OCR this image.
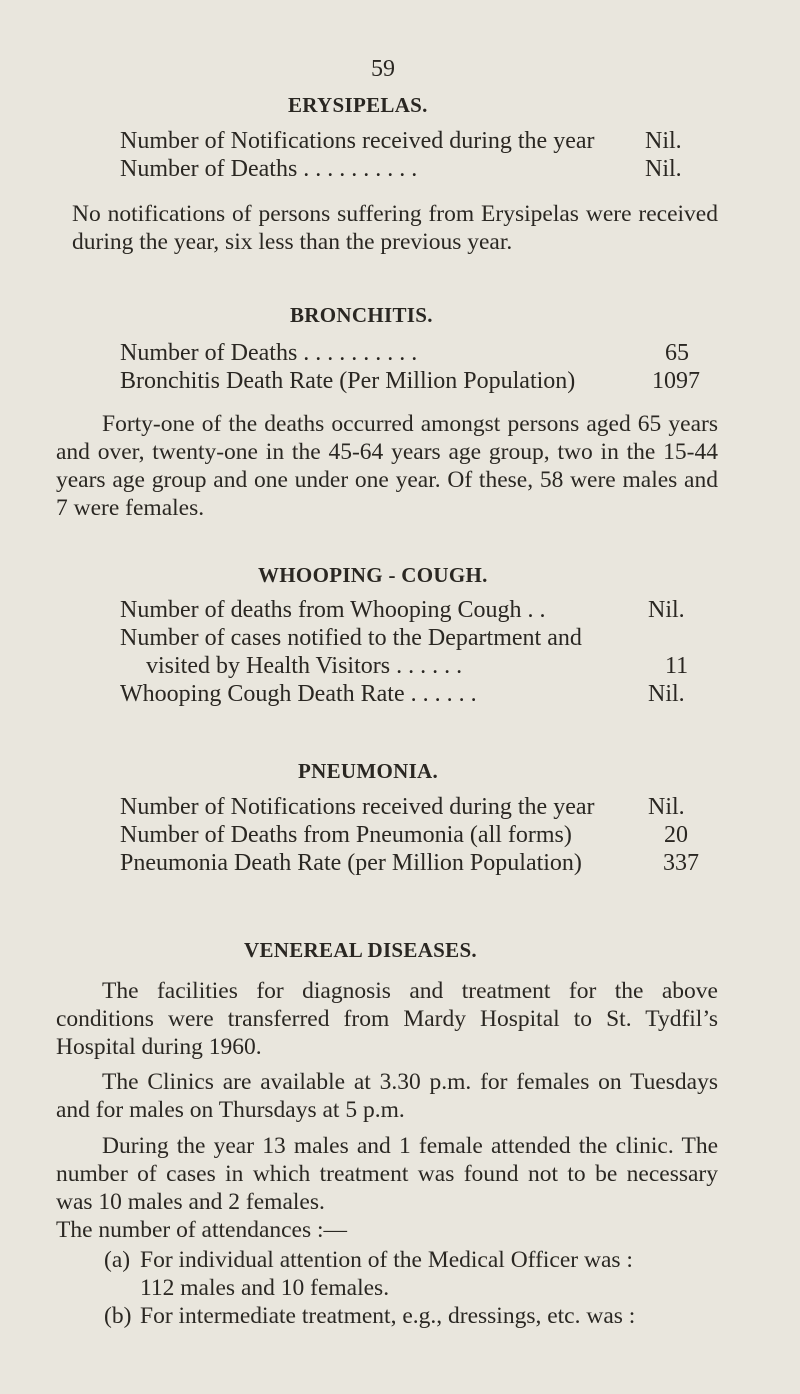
59
ERYSIPELAS.
Number of Notifications received during the year Nil.
Number of Deaths . . . . . . . . . .	Nil.

No notifications of persons suffering from Erysipelas were received during the year, six less than the previous year.

BRONCHITIS.
Number of Deaths . . . . . . . . . .	65
Bronchitis Death Rate (Per Million Population)	1097

Forty-one of the deaths occurred amongst persons aged 65 years and over, twenty-one in the 45-64 years age group, two in the 15-44 years age group and one under one year. Of these, 58 were males and 7 were females.

WHOOPING - COUGH.
Number of deaths from Whooping Cough . .	Nil.
Number of cases notified to the Department and
visited by Health Visitors . . . . . .	11
Whooping Cough Death Rate . . . . . .	Nil.
PNEUMONIA.
Number of Notifications received during the year Nil.
Number of Deaths from Pneumonia (all forms)	20
Pneumonia Death Rate (per Million Population)	337
VENEREAL DISEASES.

The facilities for diagnosis and treatment for the above conditions were transferred from Mardy Hospital to St. Tydfil’s Hospital during 1960.

The Clinics are available at 3.30 p.m. for females on Tuesdays and for males on Thursdays at 5 p.m.

During the year 13 males and 1 female attended the clinic. The number of cases in which treatment was found not to be necessary was 10 males and 2 females.

The number of attendances :—

(a) For individual attention of the Medical Officer was :
112 males and 10 females.
(b) For intermediate treatment, e.g., dressings, etc. was :
